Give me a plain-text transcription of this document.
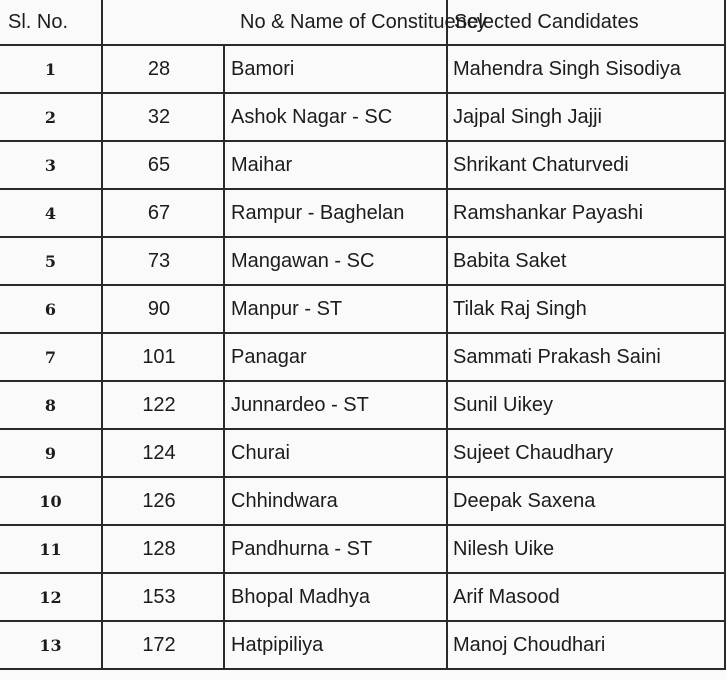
Sl. No.	No & Name of Constituency		Selected Candidates
1	28	Bamori	Mahendra Singh Sisodiya
2	32	Ashok Nagar - SC	Jajpal Singh Jajji
3	65	Maihar	Shrikant Chaturvedi
4	67	Rampur - Baghelan	Ramshankar Payashi
5	73	Mangawan - SC	Babita Saket
6	90	Manpur - ST	Tilak Raj Singh
7	101	Panagar	Sammati Prakash Saini
8	122	Junnardeo - ST	Sunil Uikey
9	124	Churai	Sujeet Chaudhary
10	126	Chhindwara	Deepak Saxena
11	128	Pandhurna - ST	Nilesh Uike
12	153	Bhopal Madhya	Arif Masood
13	172	Hatpipiliya	Manoj Choudhari
